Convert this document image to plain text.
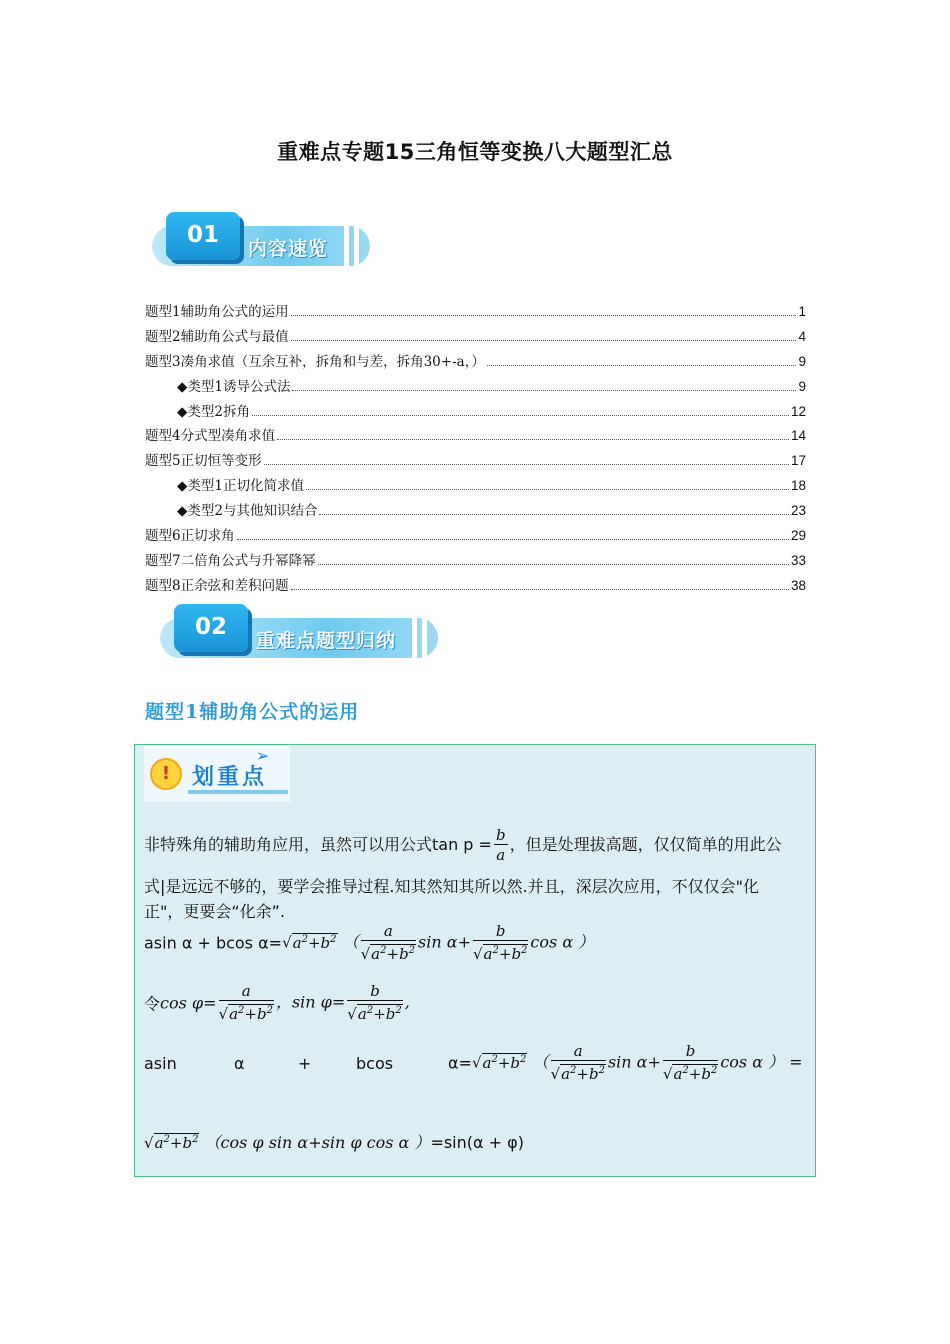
重难点专题15三角恒等变换八大题型汇总
01
内容速览
题型1辅助角公式的运用	1
题型2辅助角公式与最值	4
题型3凑角求值（互余互补，拆角和与差，拆角30+-a，）	9
◆类型1诱导公式法	9
◆类型2拆角	12
题型4分式型凑角求值	14
题型5正切恒等变形	17
◆类型1正切化简求值	18
◆类型2与其他知识结合	23
题型6正切求角	29
题型7二倍角公式与升幂降幂	33
题型8正余弦和差积问题	38
02
重难点题型归纳
题型1辅助角公式的运用
! 划重点
➢
非特殊角的辅助角应用，虽然可以用公式$\tan p = \frac{b}{a}$ ，但是处理拔高题，仅仅简单的用此公
式|是远远不够的，要学会推导过程.知其然知其所以然.并且，深层次应用，不仅仅会"化
正"，更要会“化余”.
asin α + bcos $\alpha=√a^2+b^2$ （ $\frac{a}{√a^2+b^2}$ $\sin \alpha+ \frac{b}{√a^2+b^2}$ cos α ）
令$\cos \varphi= \frac{a}{√a^2+b^2}$ ，$\sin \varphi= \frac{b}{√a^2+b^2}$ ,
asin	α	+	bcos	$\alpha=√a^2+b^2$ （ $\frac{a}{√a^2+b^2}$ $\sin \alpha+ \frac{b}{√a^2+b^2}$ cos α ） =
$√a^2+b^2$ （cos φ sin α+sin φ cos α ）=sin(α + φ)
